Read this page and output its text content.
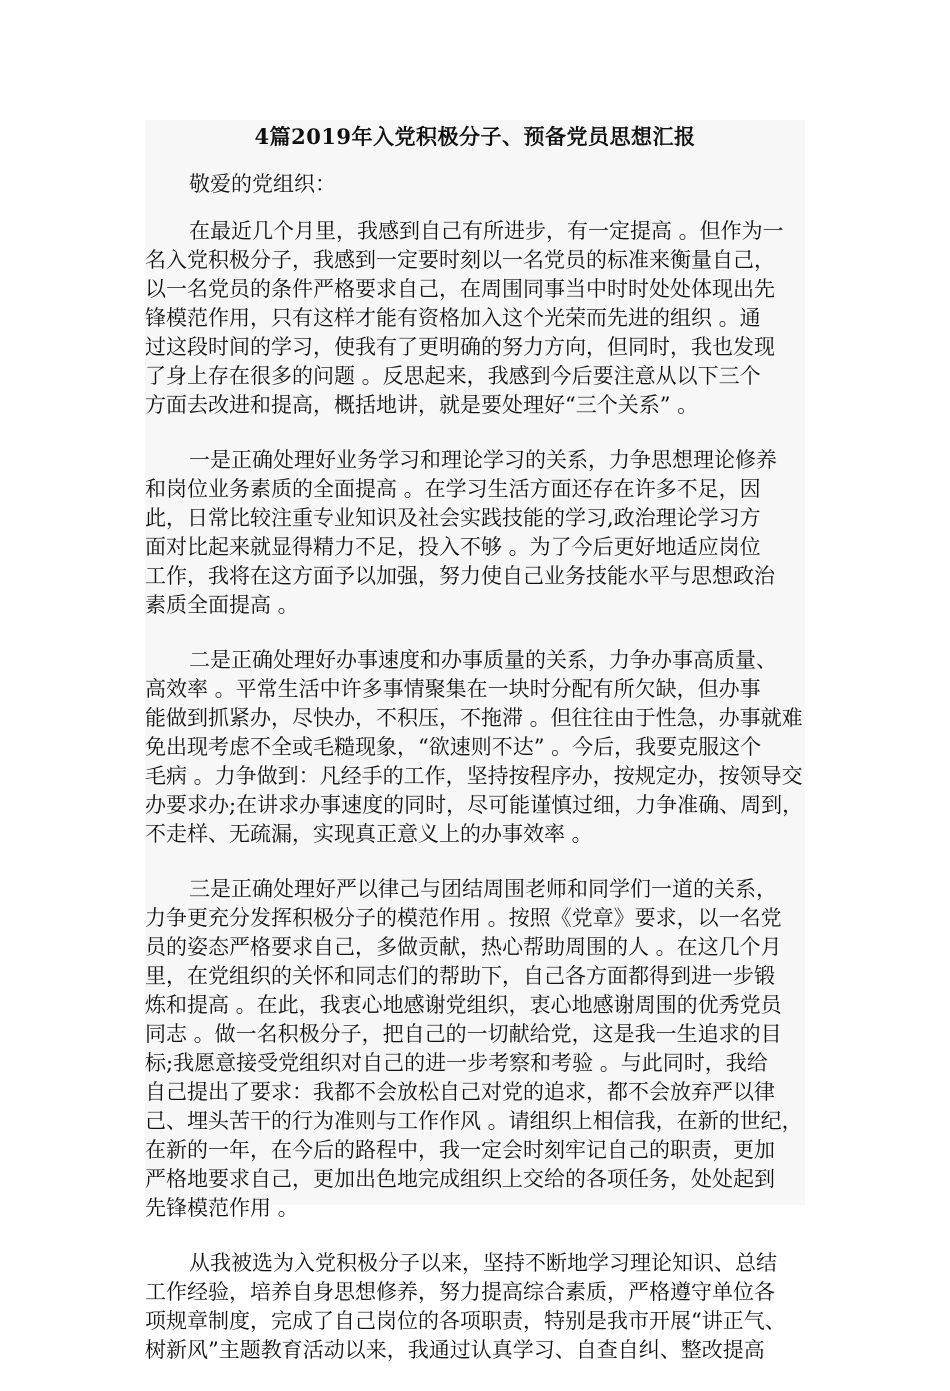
4篇2019年入党积极分子、预备党员思想汇报
敬爱的党组织：
在最近几个月里，我感到自己有所进步，有一定提高 。但作为一
名入党积极分子，我感到一定要时刻以一名党员的标准来衡量自己，
以一名党员的条件严格要求自己，在周围同事当中时时处处体现出先
锋模范作用，只有这样才能有资格加入这个光荣而先进的组织 。通
过这段时间的学习，使我有了更明确的努力方向，但同时，我也发现
了身上存在很多的问题 。反思起来，我感到今后要注意从以下三个
方面去改进和提高，概括地讲，就是要处理好“三个关系” 。
一是正确处理好业务学习和理论学习的关系，力争思想理论修养
和岗位业务素质的全面提高 。在学习生活方面还存在许多不足，因
此，日常比较注重专业知识及社会实践技能的学习,政治理论学习方
面对比起来就显得精力不足，投入不够 。为了今后更好地适应岗位
工作，我将在这方面予以加强，努力使自己业务技能水平与思想政治
素质全面提高 。
二是正确处理好办事速度和办事质量的关系，力争办事高质量、
高效率 。平常生活中许多事情聚集在一块时分配有所欠缺，但办事
能做到抓紧办，尽快办，不积压，不拖滞 。但往往由于性急，办事就难
免出现考虑不全或毛糙现象，“欲速则不达” 。今后，我要克服这个
毛病 。力争做到：凡经手的工作，坚持按程序办，按规定办，按领导交
办要求办;在讲求办事速度的同时，尽可能谨慎过细，力争准确、周到，
不走样、无疏漏，实现真正意义上的办事效率 。
三是正确处理好严以律己与团结周围老师和同学们一道的关系，
力争更充分发挥积极分子的模范作用 。按照《党章》要求，以一名党
员的姿态严格要求自己，多做贡献，热心帮助周围的人 。在这几个月
里，在党组织的关怀和同志们的帮助下，自己各方面都得到进一步锻
炼和提高 。在此，我衷心地感谢党组织，衷心地感谢周围的优秀党员
同志 。做一名积极分子，把自己的一切献给党，这是我一生追求的目
标;我愿意接受党组织对自己的进一步考察和考验 。与此同时，我给
自己提出了要求：我都不会放松自己对党的追求，都不会放弃严以律
己、埋头苦干的行为准则与工作作风 。请组织上相信我，在新的世纪，
在新的一年，在今后的路程中，我一定会时刻牢记自己的职责，更加
严格地要求自己，更加出色地完成组织上交给的各项任务，处处起到
先锋模范作用 。
从我被选为入党积极分子以来，坚持不断地学习理论知识、总结
工作经验，培养自身思想修养，努力提高综合素质，严格遵守单位各
项规章制度，完成了自己岗位的各项职责，特别是我市开展“讲正气、
树新风”主题教育活动以来，我通过认真学习、自查自纠、整改提高
